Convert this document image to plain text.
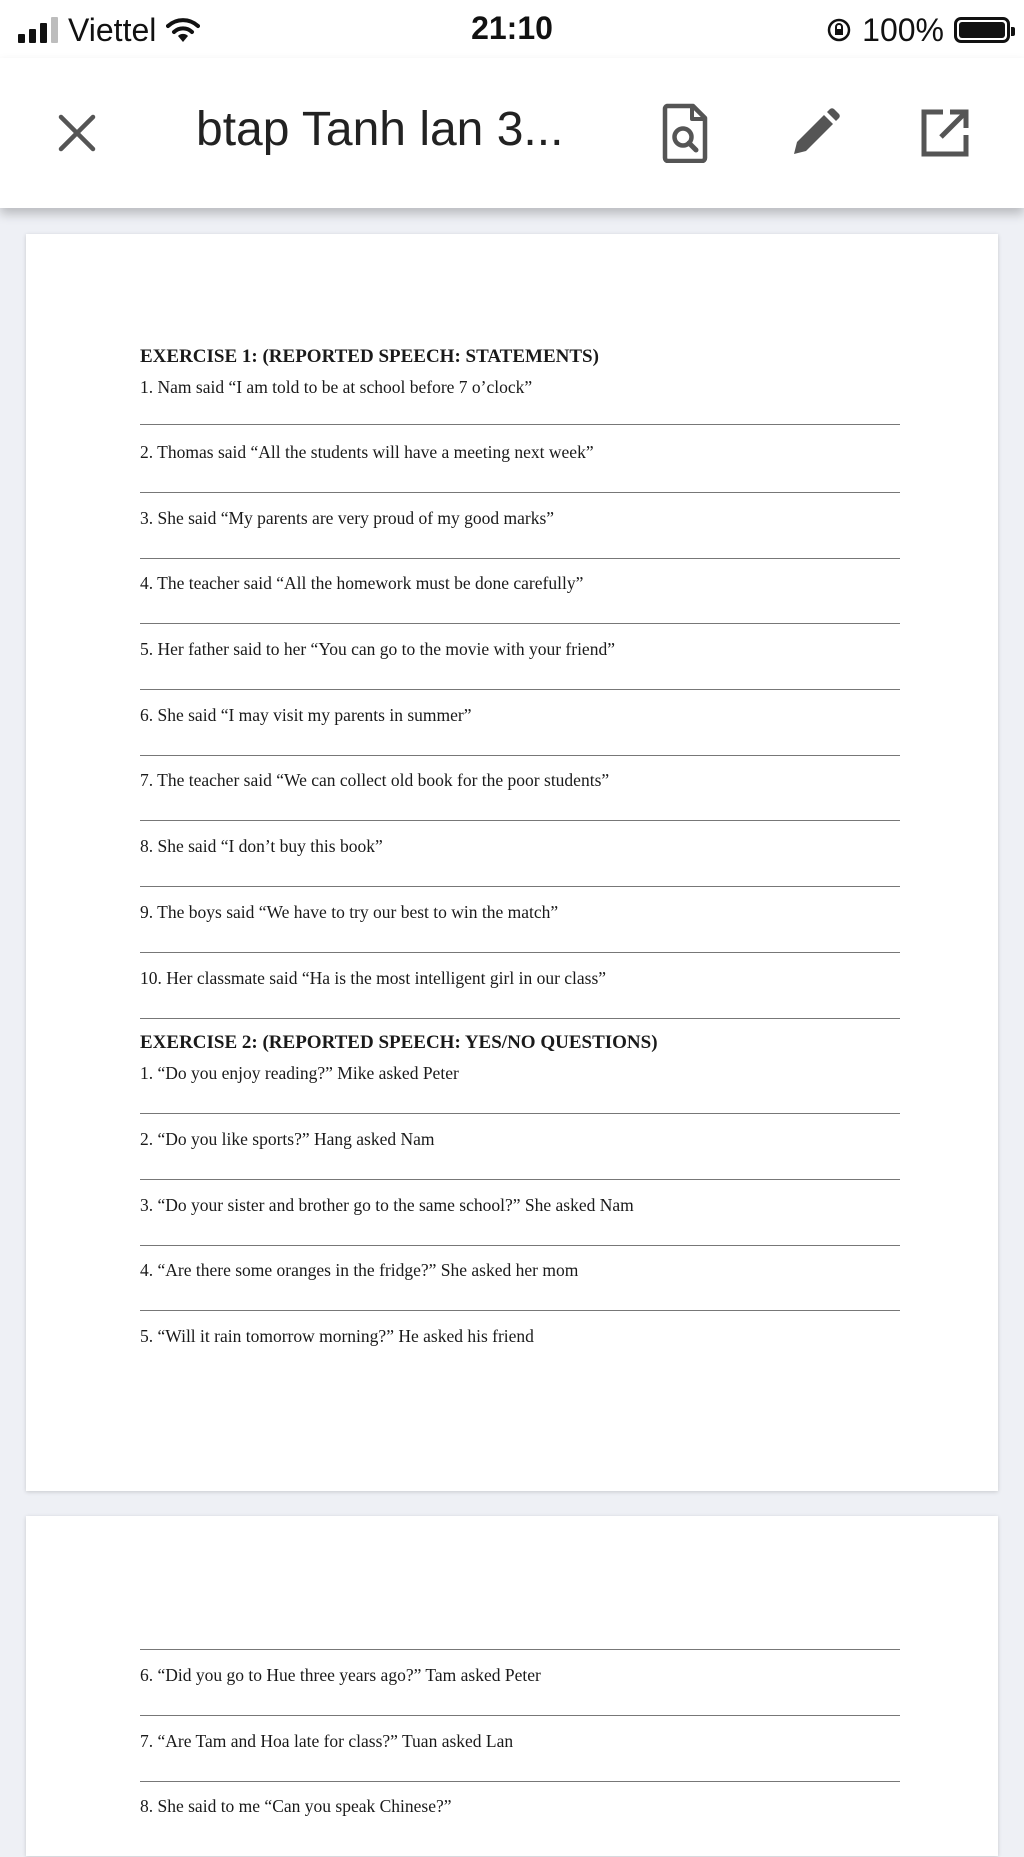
Viettel	21:10	100%
btap Tanh lan 3...
EXERCISE 1: (REPORTED SPEECH: STATEMENTS)
1. Nam said “I am told to be at school before 7 o’clock”
2. Thomas said “All the students will have a meeting next week”
3. She said “My parents are very proud of my good marks”
4. The teacher said “All the homework must be done carefully”
5. Her father said to her “You can go to the movie with your friend”
6. She said “I may visit my parents in summer”
7. The teacher said “We can collect old book for the poor students”
8. She said “I don’t buy this book”
9. The boys said “We have to try our best to win the match”
10. Her classmate said “Ha is the most intelligent girl in our class”
EXERCISE 2: (REPORTED SPEECH: YES/NO QUESTIONS)
1. “Do you enjoy reading?” Mike asked Peter
2. “Do you like sports?” Hang asked Nam
3. “Do your sister and brother go to the same school?” She asked Nam
4. “Are there some oranges in the fridge?” She asked her mom
5. “Will it rain tomorrow morning?” He asked his friend
6. “Did you go to Hue three years ago?” Tam asked Peter
7. “Are Tam and Hoa late for class?” Tuan asked Lan
8. She said to me “Can you speak Chinese?”
